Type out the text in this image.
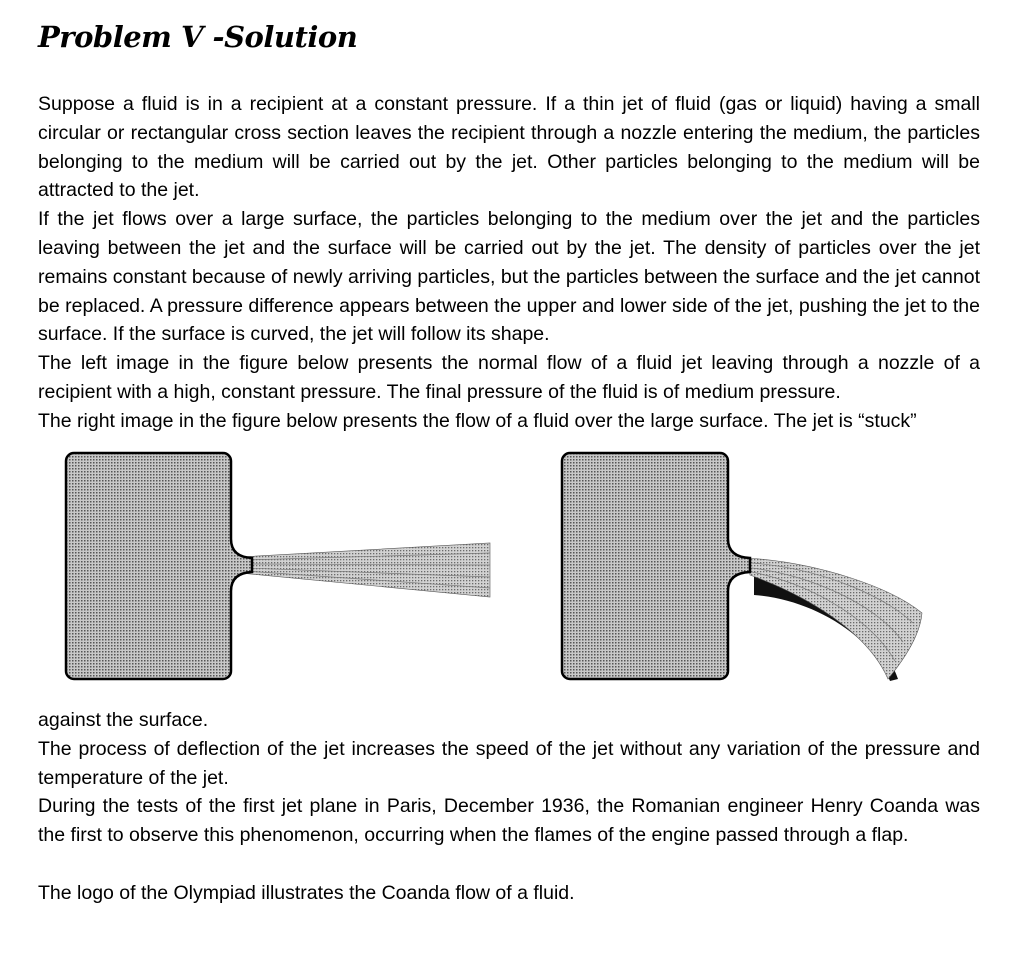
Problem V -Solution

Suppose a fluid is in a recipient at a constant pressure. If a thin jet of fluid (gas or liquid) having a small circular or rectangular cross section leaves the recipient through a nozzle entering the medium, the particles belonging to the medium will be carried out by the jet. Other particles belonging to the medium will be attracted to the jet.

If the jet flows over a large surface, the particles belonging to the medium over the jet and the particles leaving between the jet and the surface will be carried out by the jet. The density of particles over the jet remains constant because of newly arriving particles, but the particles between the surface and the jet cannot be replaced. A pressure difference appears between the upper and lower side of the jet, pushing the jet to the surface. If the surface is curved, the jet will follow its shape.

The left image in the figure below presents the normal flow of a fluid jet leaving through a nozzle of a recipient with a high, constant pressure. The final pressure of the fluid is of medium pressure.

The right image in the figure below presents the flow of a fluid over the large surface. The jet is “stuck”

against the surface.

The process of deflection of the jet increases the speed of the jet without any variation of the pressure and temperature of the jet.

During the tests of the first jet plane in Paris, December 1936, the Romanian engineer Henry Coanda was the first to observe this phenomenon, occurring when the flames of the engine passed through a flap.

The logo of the Olympiad illustrates the Coanda flow of a fluid.
